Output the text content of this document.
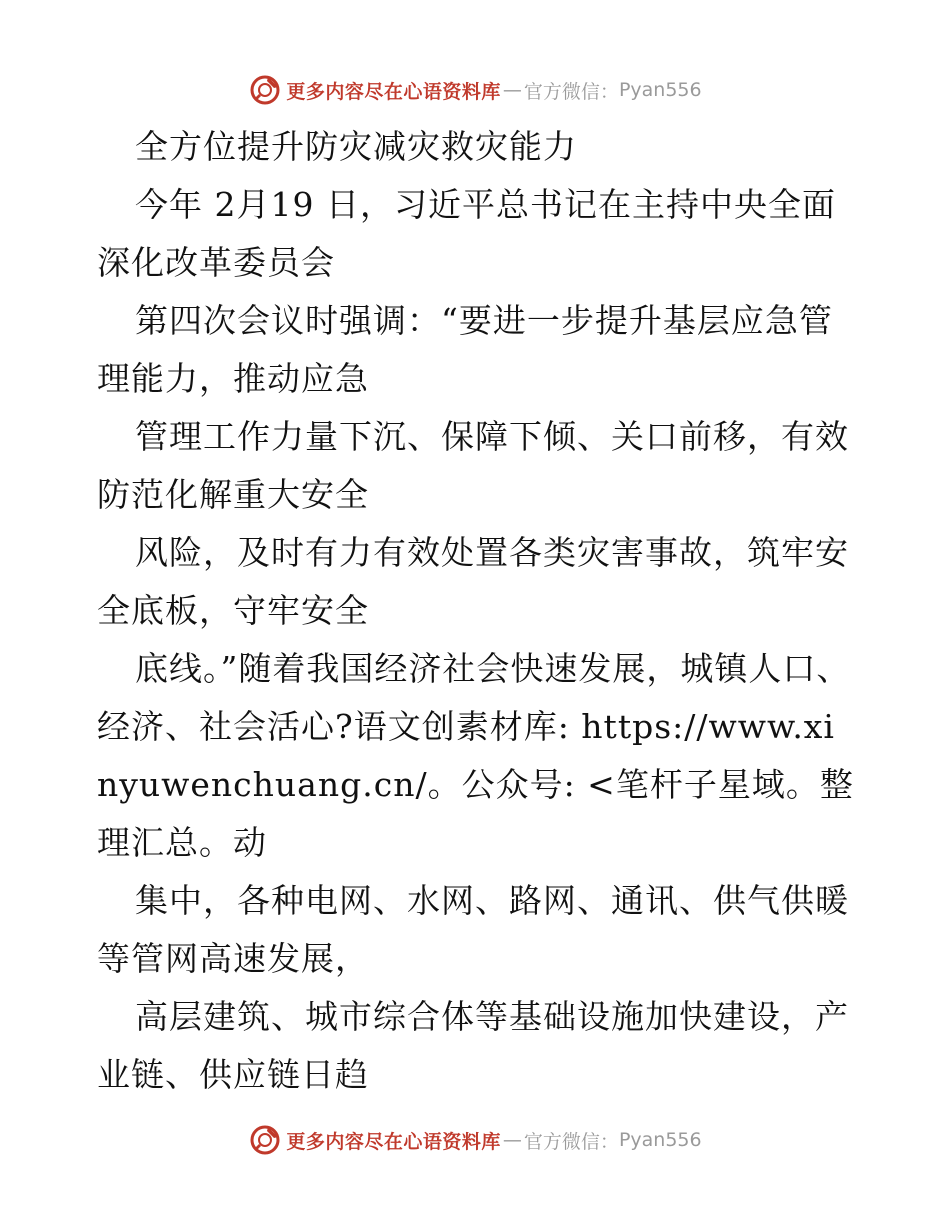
更多内容尽在心语资料库 — 官方微信： Pyan556

全方位提升防灾减灾救灾能力

今年 2月19 日，习近平总书记在主持中央全面深化改革委员会

第四次会议时强调：“要进一步提升基层应急管理能力，推动应急

管理工作力量下沉、保障下倾、关口前移，有效防范化解重大安全

风险，及时有力有效处置各类灾害事故，筑牢安全底板，守牢安全

底线。”随着我国经济社会快速发展，城镇人口、经济、社会活心?语文创素材库: https://www.xinyuwenchuang.cn/。公众号: <笔杆子星域。整理汇总。动

集中，各种电网、水网、路网、通讯、供气供暖等管网高速发展，

高层建筑、城市综合体等基础设施加快建设，产业链、供应链日趋

更多内容尽在心语资料库 — 官方微信： Pyan556
